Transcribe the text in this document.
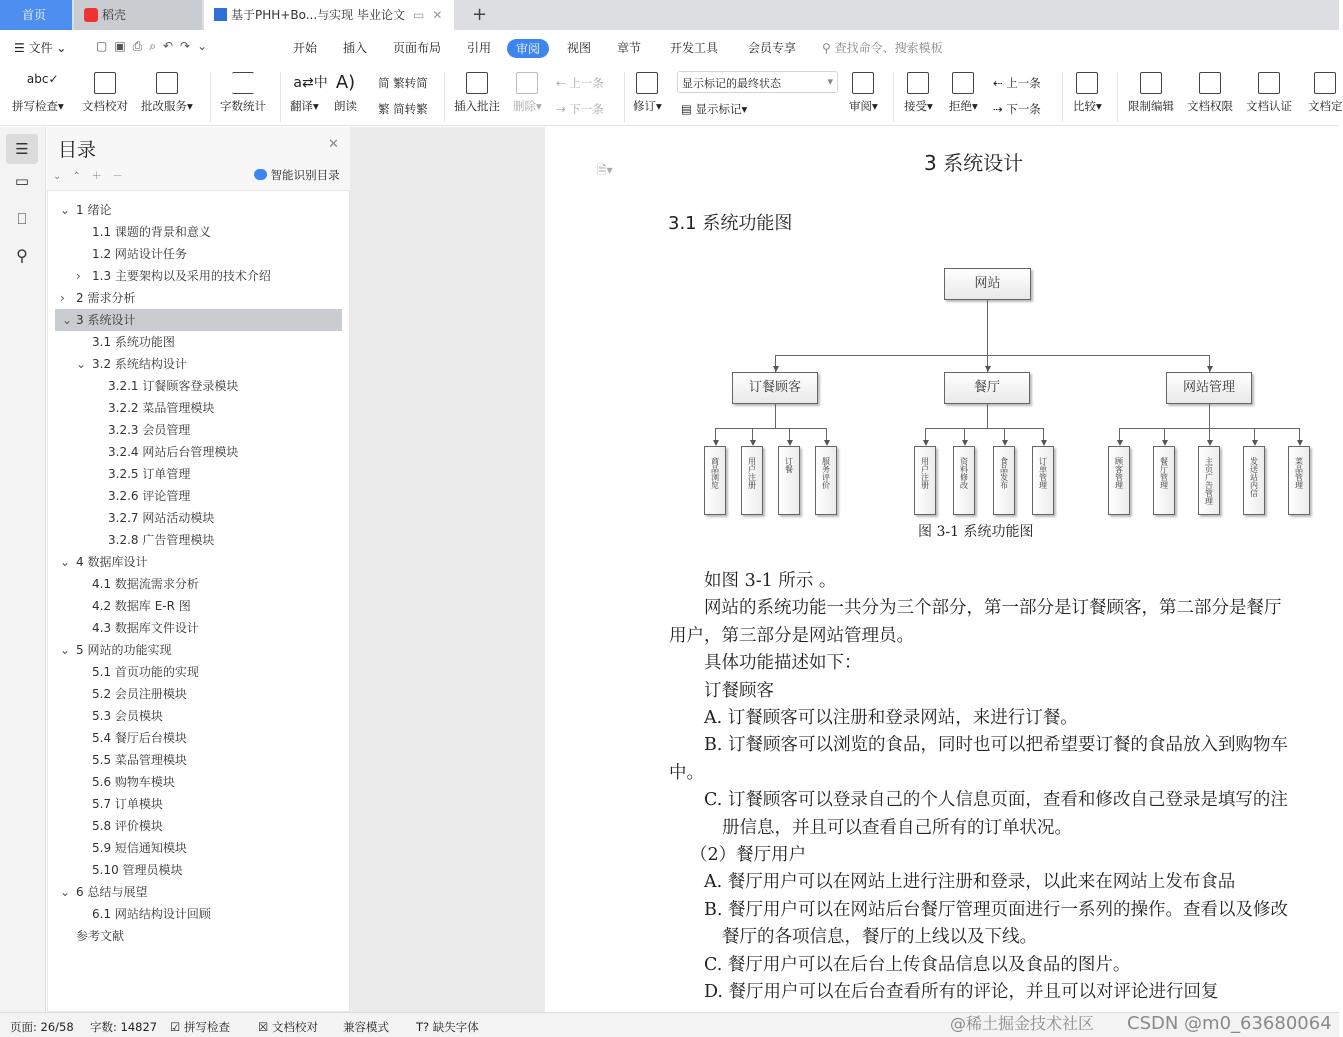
首页	稻壳	基于PHH+Bo...与实现 毕业论文 ▭ ✕	+
☰ 文件 ⌄ ▢▣⎙⌕↶↷⌄	开始 插入 页面布局 引用	审阅	视图 章节 开发工具 会员专享 ⚲ 查找命令、搜索模板
abc✓
拼写检查▾ 文档校对 批改服务▾ 字数统计
a⇄中
翻译▾
A)
朗读
简 繁转简
繁 简转繁 插入批注 删除▾
⇠ 上一条
⇢ 下一条	修订▾
显示标记的最终状态	▾
▤ 显示标记▾	审阅▾ 接受▾ 拒绝▾
⇠ 上一条
⇢ 下一条	比较▾ 限制编辑 文档权限 文档认证 文档定
☰
▭
⎕
⚲
目录	✕
⌄⌃＋－	智能识别目录
⌄ 1 绪论
1.1 课题的背景和意义
1.2 网站设计任务
› 1.3 主要架构以及采用的技术介绍
› 2 需求分析
⌄ 3 系统设计
3.1 系统功能图
⌄ 3.2 系统结构设计
3.2.1 订餐顾客登录模块
3.2.2 菜品管理模块
3.2.3 会员管理
3.2.4 网站后台管理模块
3.2.5 订单管理
3.2.6 评论管理
3.2.7 网站活动模块
3.2.8 广告管理模块
⌄ 4 数据库设计
4.1 数据流需求分析
4.2 数据库 E-R 图
4.3 数据库文件设计
⌄ 5 网站的功能实现
5.1 首页功能的实现
5.2 会员注册模块
5.3 会员模块
5.4 餐厅后台模块
5.5 菜品管理模块
5.6 购物车模块
5.7 订单模块
5.8 评价模块
5.9 短信通知模块
5.10 管理员模块
⌄ 6 总结与展望
6.1 网站结构设计回顾
参考文献
🗎▾	3 系统设计
3.1 系统功能图
网站
订餐顾客
商品浏览	用户注册	订餐	服务评价
餐厅
用户注册	资料修改	食品发布	订单管理
网站管理
顾客管理	餐厅管理	主页广告管理	发送站内信	菜品管理
图 3-1 系统功能图
如图 3-1 所示 。
网站的系统功能一共分为三个部分，第一部分是订餐顾客，第二部分是餐厅
用户，第三部分是网站管理员。
具体功能描述如下：
订餐顾客
A. 订餐顾客可以注册和登录网站，来进行订餐。
B. 订餐顾客可以浏览的食品，同时也可以把希望要订餐的食品放入到购物车
中。
C. 订餐顾客可以登录自己的个人信息页面，查看和修改自己登录是填写的注
册信息，并且可以查看自己所有的订单状况。
（2）餐厅用户
A. 餐厅用户可以在网站上进行注册和登录，以此来在网站上发布食品
B. 餐厅用户可以在网站后台餐厅管理页面进行一系列的操作。查看以及修改
餐厅的各项信息，餐厅的上线以及下线。
C. 餐厅用户可以在后台上传食品信息以及食品的图片。
D. 餐厅用户可以在后台查看所有的评论，并且可以对评论进行回复
页面: 26/58 字数: 14827 ☑ 拼写检查 ☒ 文档校对 兼容模式 T? 缺失字体	@稀土掘金技术社区 CSDN @m0_63680064
